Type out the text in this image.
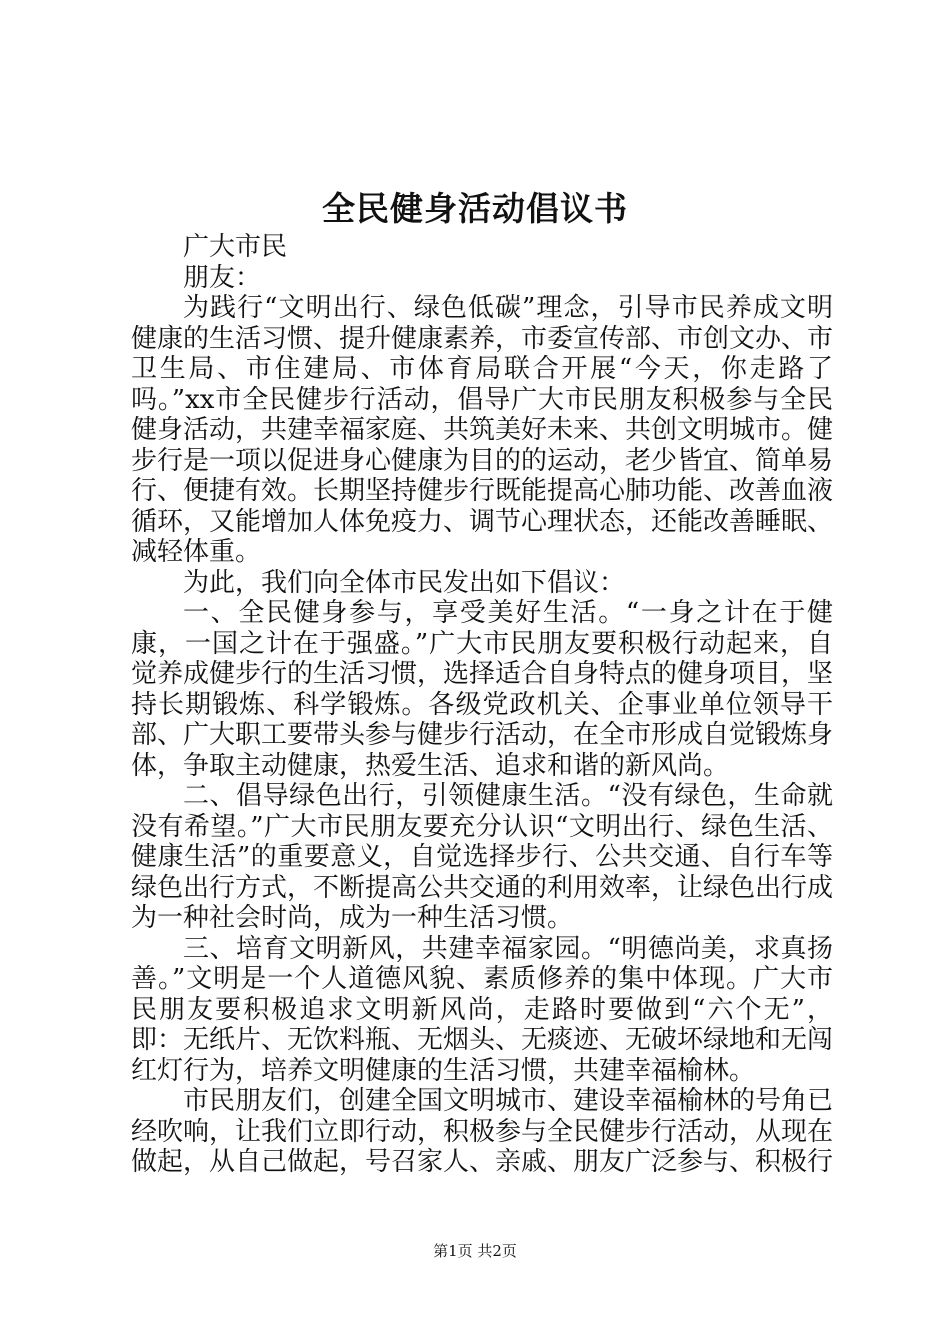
全民健身活动倡议书

广大市民

朋友：

为践行“文明出行、绿色低碳”理念，引导市民养成文明健康的生活习惯、提升健康素养，市委宣传部、市创文办、市卫生局、市住建局、市体育局联合开展“今天，你走路了吗。”xx市全民健步行活动，倡导广大市民朋友积极参与全民健身活动，共建幸福家庭、共筑美好未来、共创文明城市。健步行是一项以促进身心健康为目的的运动，老少皆宜、简单易行、便捷有效。长期坚持健步行既能提高心肺功能、改善血液循环，又能增加人体免疫力、调节心理状态，还能改善睡眠、减轻体重。

为此，我们向全体市民发出如下倡议：

一、全民健身参与，享受美好生活。“一身之计在于健康，一国之计在于强盛。”广大市民朋友要积极行动起来，自觉养成健步行的生活习惯，选择适合自身特点的健身项目，坚持长期锻炼、科学锻炼。各级党政机关、企事业单位领导干部、广大职工要带头参与健步行活动，在全市形成自觉锻炼身体，争取主动健康，热爱生活、追求和谐的新风尚。

二、倡导绿色出行，引领健康生活。“没有绿色，生命就没有希望。”广大市民朋友要充分认识“文明出行、绿色生活、健康生活”的重要意义，自觉选择步行、公共交通、自行车等绿色出行方式，不断提高公共交通的利用效率，让绿色出行成为一种社会时尚，成为一种生活习惯。

三、培育文明新风，共建幸福家园。“明德尚美，求真扬善。”文明是一个人道德风貌、素质修养的集中体现。广大市民朋友要积极追求文明新风尚，走路时要做到“六个无”，即：无纸片、无饮料瓶、无烟头、无痰迹、无破坏绿地和无闯红灯行为，培养文明健康的生活习惯，共建幸福榆林。

市民朋友们，创建全国文明城市、建设幸福榆林的号角已经吹响，让我们立即行动，积极参与全民健步行活动，从现在做起，从自己做起，号召家人、亲戚、朋友广泛参与、积极行

第1页 共2页
